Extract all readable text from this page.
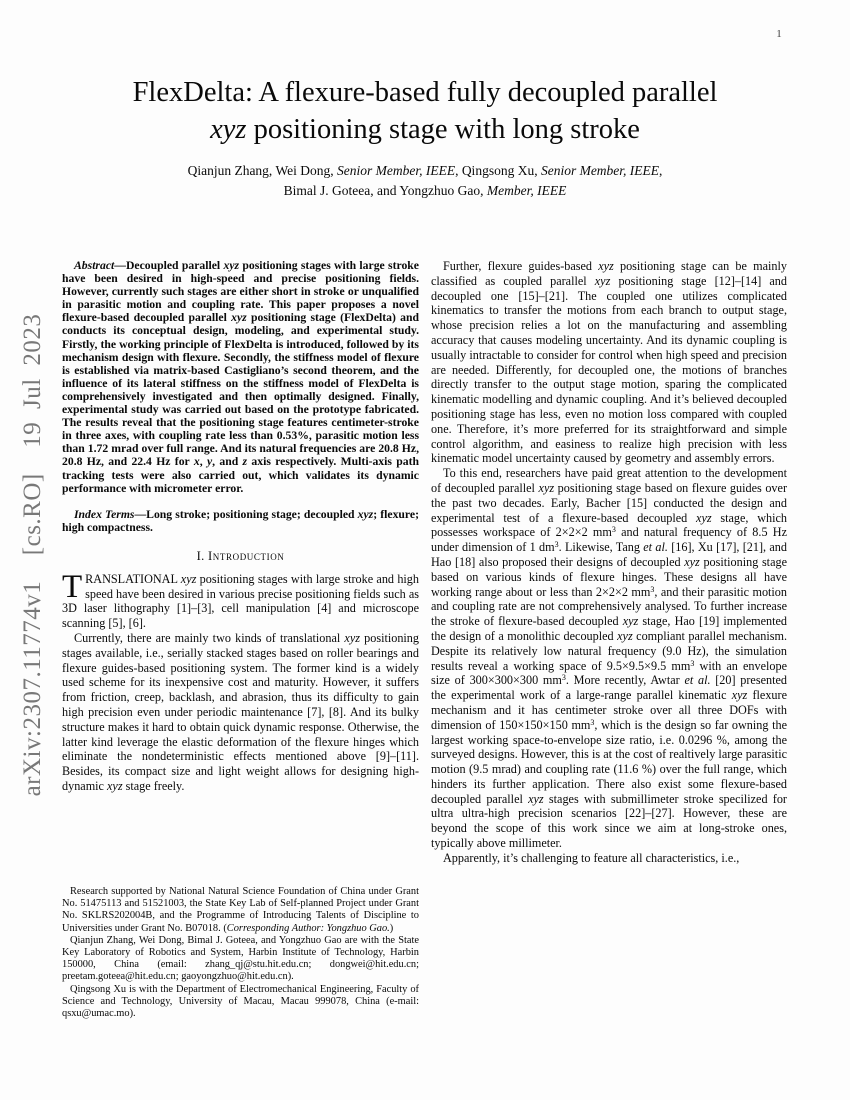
arXiv:2307.11774v1  [cs.RO]  19 Jul 2023
1
FlexDelta: A flexure-based fully decoupled parallel
xyz positioning stage with long stroke
Qianjun Zhang, Wei Dong, Senior Member, IEEE, Qingsong Xu, Senior Member, IEEE,
Bimal J. Goteea, and Yongzhuo Gao, Member, IEEE

Abstract—Decoupled parallel xyz positioning stages with large stroke have been desired in high-speed and precise positioning fields. However, currently such stages are either short in stroke or unqualified in parasitic motion and coupling rate. This paper proposes a novel flexure-based decoupled parallel xyz positioning stage (FlexDelta) and conducts its conceptual design, modeling, and experimental study. Firstly, the working principle of FlexDelta is introduced, followed by its mechanism design with flexure. Secondly, the stiffness model of flexure is established via matrix-based Castigliano’s second theorem, and the influence of its lateral stiffness on the stiffness model of FlexDelta is comprehensively investigated and then optimally designed. Finally, experimental study was carried out based on the prototype fabricated. The results reveal that the positioning stage features centimeter-stroke in three axes, with coupling rate less than 0.53%, parasitic motion less than 1.72 mrad over full range. And its natural frequencies are 20.8 Hz, 20.8 Hz, and 22.4 Hz for x, y, and z axis respectively. Multi-axis path tracking tests were also carried out, which validates its dynamic performance with micrometer error.

Index Terms—Long stroke; positioning stage; decoupled xyz; flexure; high compactness.

I. Introduction

TRANSLATIONAL xyz positioning stages with large stroke and high speed have been desired in various precise positioning fields such as 3D laser lithography [1]–[3], cell manipulation [4] and microscope scanning [5], [6].

Currently, there are mainly two kinds of translational xyz positioning stages available, i.e., serially stacked stages based on roller bearings and flexure guides-based positioning system. The former kind is a widely used scheme for its inexpensive cost and maturity. However, it suffers from friction, creep, backlash, and abrasion, thus its difficulty to gain high precision even under periodic maintenance [7], [8]. And its bulky structure makes it hard to obtain quick dynamic response. Otherwise, the latter kind leverage the elastic deformation of the flexure hinges which eliminate the nondeterministic effects mentioned above [9]–[11]. Besides, its compact size and light weight allows for designing high-dynamic xyz stage freely.

Further, flexure guides-based xyz positioning stage can be mainly classified as coupled parallel xyz positioning stage [12]–[14] and decoupled one [15]–[21]. The coupled one utilizes complicated kinematics to transfer the motions from each branch to output stage, whose precision relies a lot on the manufacturing and assembling accuracy that causes modeling uncertainty. And its dynamic coupling is usually intractable to consider for control when high speed and precision are needed. Differently, for decoupled one, the motions of branches directly transfer to the output stage motion, sparing the complicated kinematic modelling and dynamic coupling. And it’s believed decoupled positioning stage has less, even no motion loss compared with coupled one. Therefore, it’s more preferred for its straightforward and simple control algorithm, and easiness to realize high precision with less kinematic model uncertainty caused by geometry and assembly errors.

To this end, researchers have paid great attention to the development of decoupled parallel xyz positioning stage based on flexure guides over the past two decades. Early, Bacher [15] conducted the design and experimental test of a flexure-based decoupled xyz stage, which possesses workspace of 2×2×2 $mm^3$ and natural frequency of 8.5 Hz under dimension of 1 $dm^3$. Likewise, Tang et al. [16], Xu [17], [21], and Hao [18] also proposed their designs of decoupled xyz positioning stage based on various kinds of flexure hinges. These designs all have working range about or less than 2×2×2 $mm^3$, and their parasitic motion and coupling rate are not comprehensively analysed. To further increase the stroke of flexure-based decoupled xyz stage, Hao [19] implemented the design of a monolithic decoupled xyz compliant parallel mechanism. Despite its relatively low natural frequency (9.0 Hz), the simulation results reveal a working space of 9.5×9.5×9.5 $mm^3$ with an envelope size of 300×300×300 $mm^3$. More recently, Awtar et al. [20] presented the experimental work of a large-range parallel kinematic xyz flexure mechanism and it has centimeter stroke over all three DOFs with dimension of 150×150×150 $mm^3$, which is the design so far owning the largest working space-to-envelope size ratio, i.e. 0.0296 %, among the surveyed designs. However, this is at the cost of realtively large parasitic motion (9.5 mrad) and coupling rate (11.6 %) over the full range, which hinders its further application. There also exist some flexure-based decoupled parallel xyz stages with submillimeter stroke specilized for ultra ultra-high precision scenarios [22]–[27]. However, these are beyond the scope of this work since we aim at long-stroke ones, typically above millimeter.

Apparently, it’s challenging to feature all characteristics, i.e.,

Research supported by National Natural Science Foundation of China under Grant No. 51475113 and 51521003, the State Key Lab of Self-planned Project under Grant No. SKLRS202004B, and the Programme of Introducing Talents of Discipline to Universities under Grant No. B07018. (Corresponding Author: Yongzhuo Gao.)

Qianjun Zhang, Wei Dong, Bimal J. Goteea, and Yongzhuo Gao are with the State Key Laboratory of Robotics and System, Harbin Institute of Technology, Harbin 150000, China (email: zhang_qj@stu.hit.edu.cn; dongwei@hit.edu.cn; preetam.goteea@hit.edu.cn; gaoyongzhuo@hit.edu.cn).

Qingsong Xu is with the Department of Electromechanical Engineering, Faculty of Science and Technology, University of Macau, Macau 999078, China (e-mail: qsxu@umac.mo).
